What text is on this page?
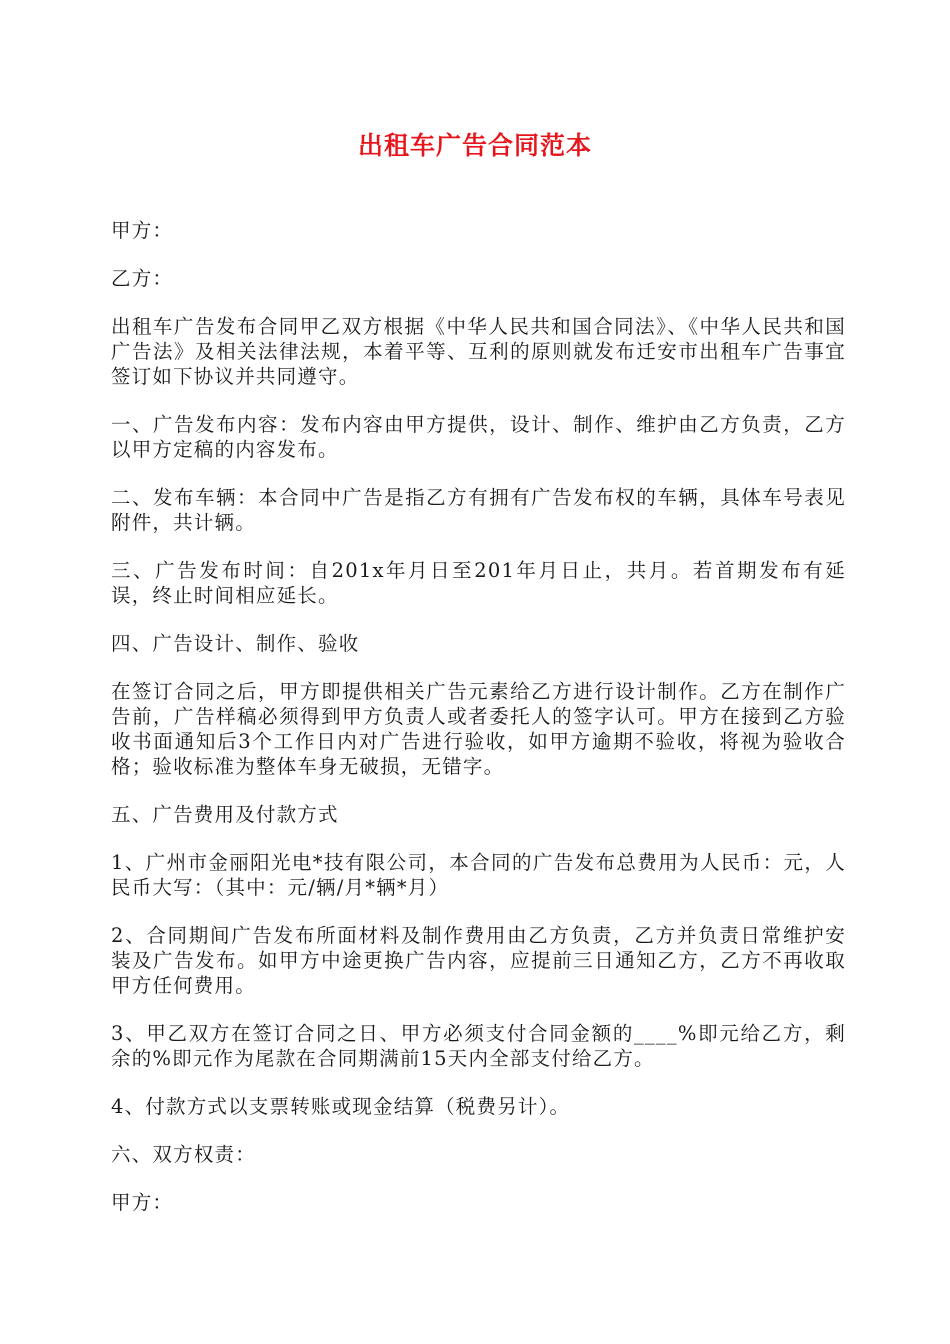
出租车广告合同范本

甲方：

乙方：

出租车广告发布合同甲乙双方根据《中华人民共和国合同法》、《中华人民共和国广告法》及相关法律法规，本着平等、互利的原则就发布迁安市出租车广告事宜签订如下协议并共同遵守。

一、广告发布内容：发布内容由甲方提供，设计、制作、维护由乙方负责，乙方以甲方定稿的内容发布。

二、发布车辆：本合同中广告是指乙方有拥有广告发布权的车辆，具体车号表见附件，共计辆。

三、广告发布时间：自201x年月日至201年月日止，共月。若首期发布有延误，终止时间相应延长。

四、广告设计、制作、验收

在签订合同之后，甲方即提供相关广告元素给乙方进行设计制作。乙方在制作广告前，广告样稿必须得到甲方负责人或者委托人的签字认可。甲方在接到乙方验收书面通知后3个工作日内对广告进行验收，如甲方逾期不验收，将视为验收合格；验收标准为整体车身无破损，无错字。

五、广告费用及付款方式

1、广州市金丽阳光电*技有限公司，本合同的广告发布总费用为人民币：元，人民币大写：（其中：元/辆/月*辆*月）

2、合同期间广告发布所面材料及制作费用由乙方负责，乙方并负责日常维护安装及广告发布。如甲方中途更换广告内容，应提前三日通知乙方，乙方不再收取甲方任何费用。

3、甲乙双方在签订合同之日、甲方必须支付合同金额的____%即元给乙方，剩余的%即元作为尾款在合同期满前15天内全部支付给乙方。

4、付款方式以支票转账或现金结算（税费另计）。

六、双方权责：

甲方：
